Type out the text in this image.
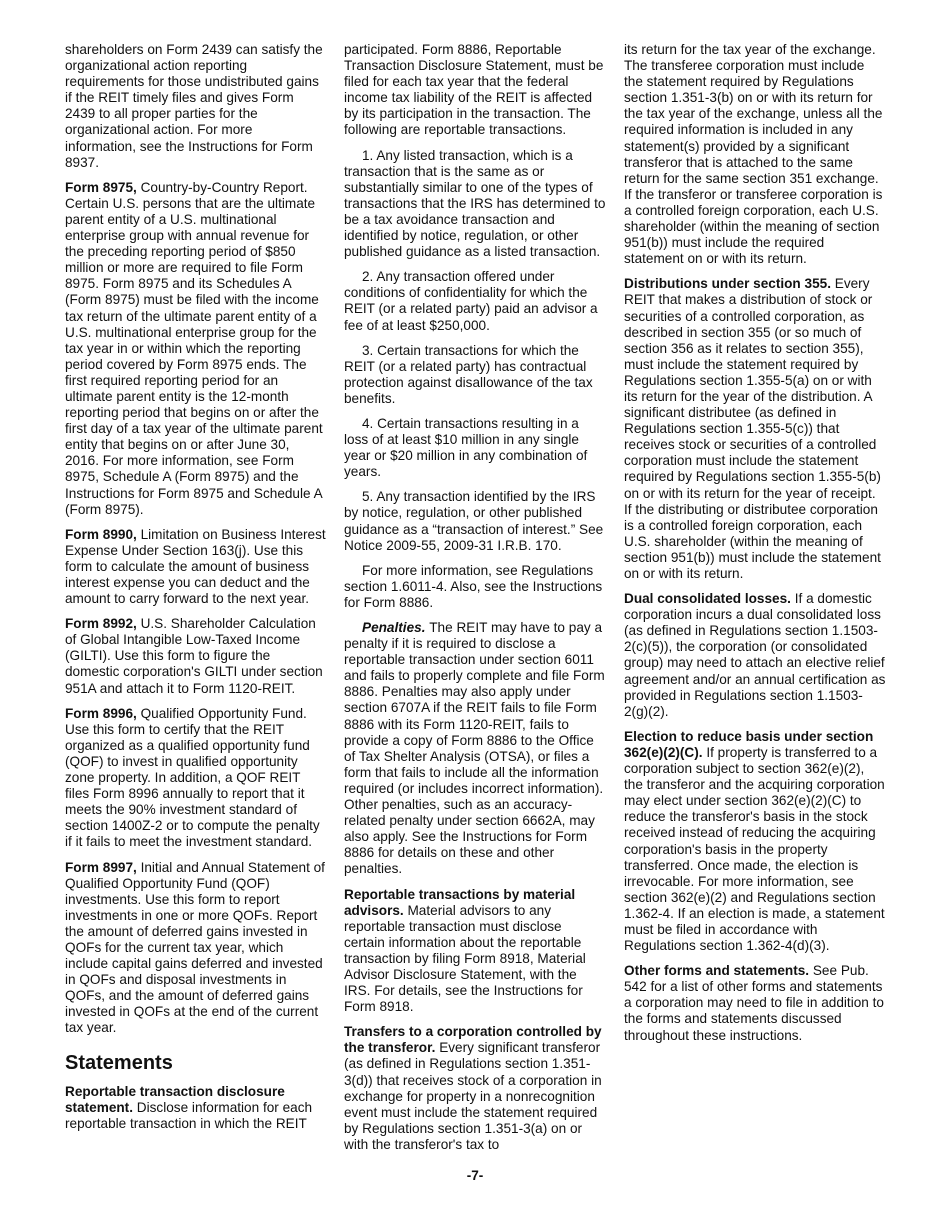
shareholders on Form 2439 can satisfy the organizational action reporting requirements for those undistributed gains if the REIT timely files and gives Form 2439 to all proper parties for the organizational action. For more information, see the Instructions for Form 8937.

Form 8975, Country-by-Country Report. Certain U.S. persons that are the ultimate parent entity of a U.S. multinational enterprise group with annual revenue for the preceding reporting period of $850 million or more are required to file Form 8975. Form 8975 and its Schedules A (Form 8975) must be filed with the income tax return of the ultimate parent entity of a U.S. multinational enterprise group for the tax year in or within which the reporting period covered by Form 8975 ends. The first required reporting period for an ultimate parent entity is the 12-month reporting period that begins on or after the first day of a tax year of the ultimate parent entity that begins on or after June 30, 2016. For more information, see Form 8975, Schedule A (Form 8975) and the Instructions for Form 8975 and Schedule A (Form 8975).

Form 8990, Limitation on Business Interest Expense Under Section 163(j). Use this form to calculate the amount of business interest expense you can deduct and the amount to carry forward to the next year.

Form 8992, U.S. Shareholder Calculation of Global Intangible Low-Taxed Income (GILTI). Use this form to figure the domestic corporation's GILTI under section 951A and attach it to Form 1120-REIT.

Form 8996, Qualified Opportunity Fund. Use this form to certify that the REIT organized as a qualified opportunity fund (QOF) to invest in qualified opportunity zone property. In addition, a QOF REIT files Form 8996 annually to report that it meets the 90% investment standard of section 1400Z-2 or to compute the penalty if it fails to meet the investment standard.

Form 8997, Initial and Annual Statement of Qualified Opportunity Fund (QOF) investments. Use this form to report investments in one or more QOFs. Report the amount of deferred gains invested in QOFs for the current tax year, which include capital gains deferred and invested in QOFs and disposal investments in QOFs, and the amount of deferred gains invested in QOFs at the end of the current tax year.

Statements

Reportable transaction disclosure statement. Disclose information for each reportable transaction in which the REIT

participated. Form 8886, Reportable Transaction Disclosure Statement, must be filed for each tax year that the federal income tax liability of the REIT is affected by its participation in the transaction. The following are reportable transactions.

1. Any listed transaction, which is a transaction that is the same as or substantially similar to one of the types of transactions that the IRS has determined to be a tax avoidance transaction and identified by notice, regulation, or other published guidance as a listed transaction.

2. Any transaction offered under conditions of confidentiality for which the REIT (or a related party) paid an advisor a fee of at least $250,000.

3. Certain transactions for which the REIT (or a related party) has contractual protection against disallowance of the tax benefits.

4. Certain transactions resulting in a loss of at least $10 million in any single year or $20 million in any combination of years.

5. Any transaction identified by the IRS by notice, regulation, or other published guidance as a “transaction of interest.” See Notice 2009-55, 2009-31 I.R.B. 170.

For more information, see Regulations section 1.6011-4. Also, see the Instructions for Form 8886.

Penalties. The REIT may have to pay a penalty if it is required to disclose a reportable transaction under section 6011 and fails to properly complete and file Form 8886. Penalties may also apply under section 6707A if the REIT fails to file Form 8886 with its Form 1120-REIT, fails to provide a copy of Form 8886 to the Office of Tax Shelter Analysis (OTSA), or files a form that fails to include all the information required (or includes incorrect information). Other penalties, such as an accuracy-related penalty under section 6662A, may also apply. See the Instructions for Form 8886 for details on these and other penalties.

Reportable transactions by material advisors. Material advisors to any reportable transaction must disclose certain information about the reportable transaction by filing Form 8918, Material Advisor Disclosure Statement, with the IRS. For details, see the Instructions for Form 8918.

Transfers to a corporation controlled by the transferor. Every significant transferor (as defined in Regulations section 1.351-3(d)) that receives stock of a corporation in exchange for property in a nonrecognition event must include the statement required by Regulations section 1.351-3(a) on or with the transferor's tax to

its return for the tax year of the exchange. The transferee corporation must include the statement required by Regulations section 1.351-3(b) on or with its return for the tax year of the exchange, unless all the required information is included in any statement(s) provided by a significant transferor that is attached to the same return for the same section 351 exchange. If the transferor or transferee corporation is a controlled foreign corporation, each U.S. shareholder (within the meaning of section 951(b)) must include the required statement on or with its return.

Distributions under section 355. Every REIT that makes a distribution of stock or securities of a controlled corporation, as described in section 355 (or so much of section 356 as it relates to section 355), must include the statement required by Regulations section 1.355-5(a) on or with its return for the year of the distribution. A significant distributee (as defined in Regulations section 1.355-5(c)) that receives stock or securities of a controlled corporation must include the statement required by Regulations section 1.355-5(b) on or with its return for the year of receipt. If the distributing or distributee corporation is a controlled foreign corporation, each U.S. shareholder (within the meaning of section 951(b)) must include the statement on or with its return.

Dual consolidated losses. If a domestic corporation incurs a dual consolidated loss (as defined in Regulations section 1.1503-2(c)(5)), the corporation (or consolidated group) may need to attach an elective relief agreement and/or an annual certification as provided in Regulations section 1.1503-2(g)(2).

Election to reduce basis under section 362(e)(2)(C). If property is transferred to a corporation subject to section 362(e)(2), the transferor and the acquiring corporation may elect under section 362(e)(2)(C) to reduce the transferor's basis in the stock received instead of reducing the acquiring corporation's basis in the property transferred. Once made, the election is irrevocable. For more information, see section 362(e)(2) and Regulations section 1.362-4. If an election is made, a statement must be filed in accordance with Regulations section 1.362-4(d)(3).

Other forms and statements. See Pub. 542 for a list of other forms and statements a corporation may need to file in addition to the forms and statements discussed throughout these instructions.

-7-
